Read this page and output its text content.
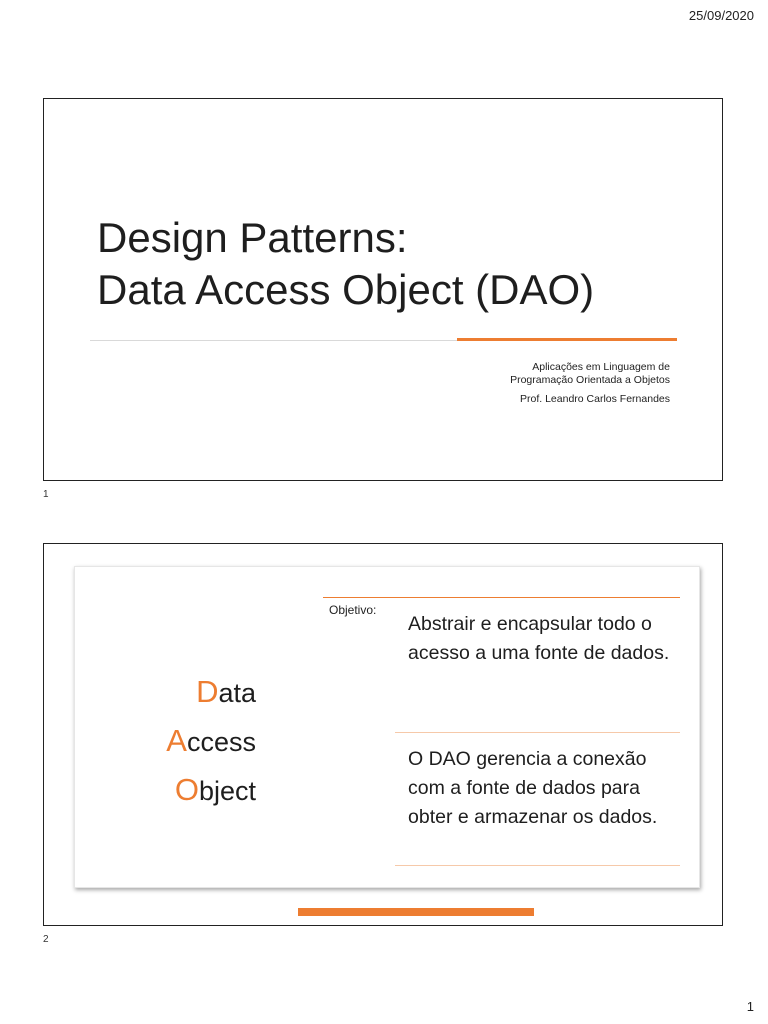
25/09/2020
Design Patterns:
Data Access Object (DAO)
Aplicações em Linguagem de
Programação Orientada a Objetos
Prof. Leandro Carlos Fernandes
1
Data
Access
Object
Objetivo:
Abstrair e encapsular todo o acesso a uma fonte de dados.
O DAO gerencia a conexão com a fonte de dados para obter e armazenar os dados.
2
1
